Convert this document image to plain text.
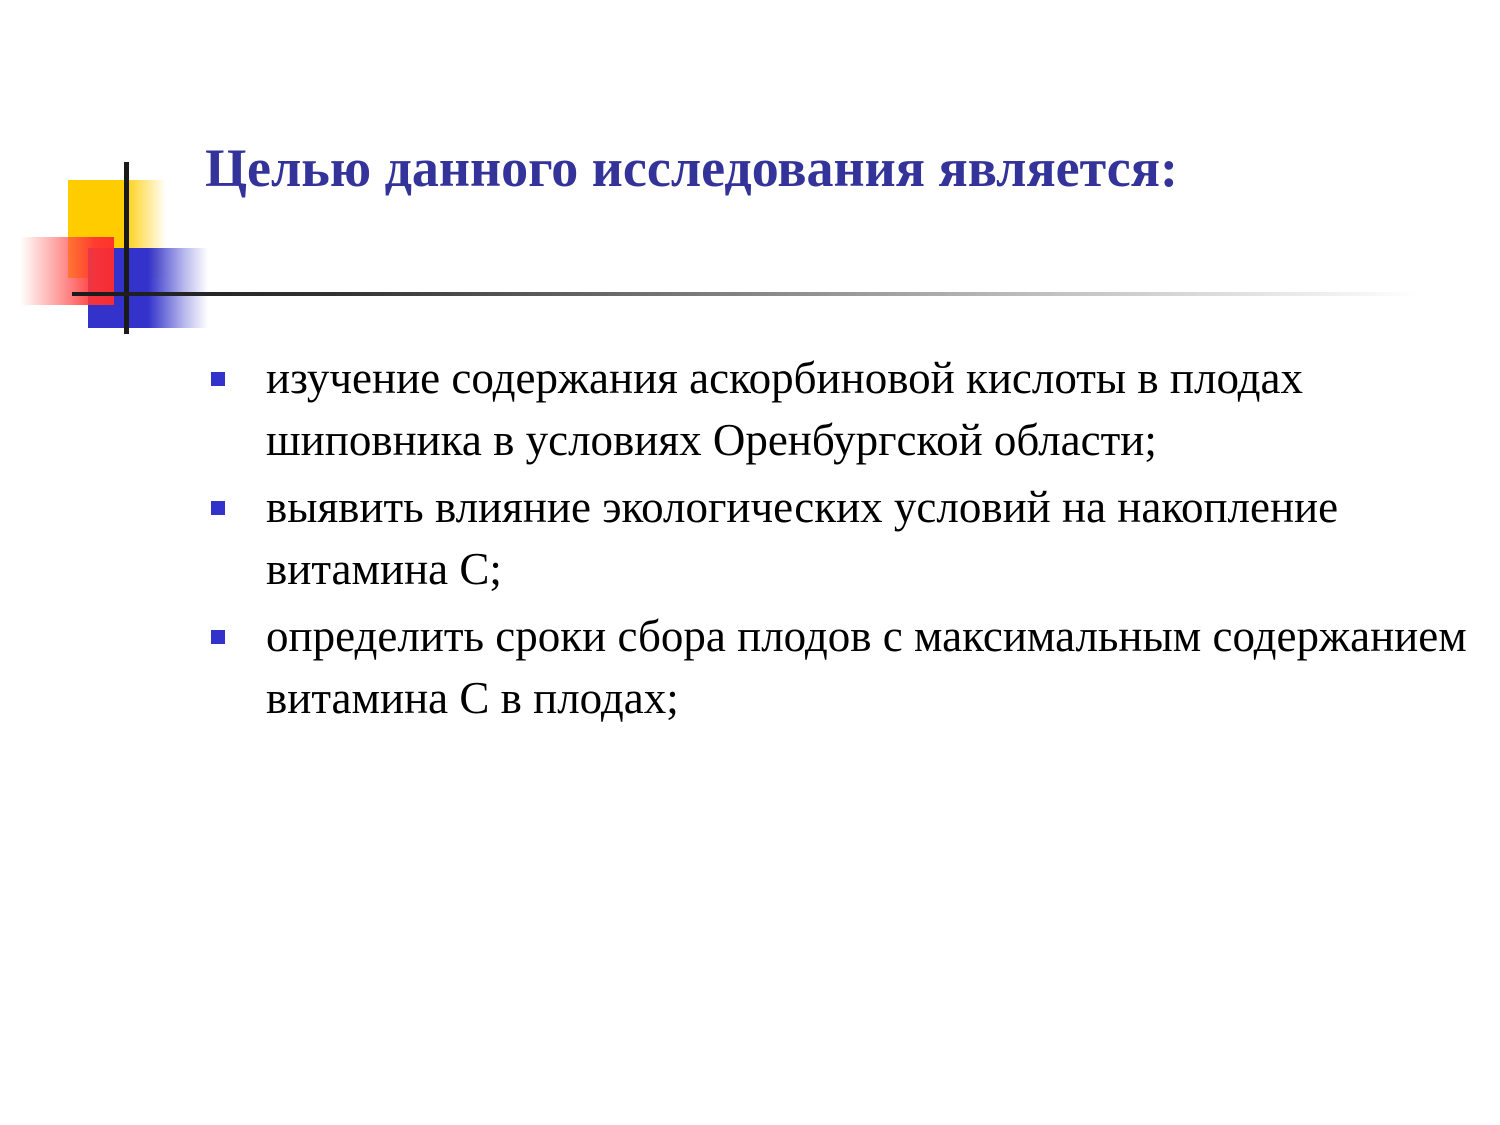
Целью данного исследования является:
изучение содержания аскорбиновой кислоты в плодах шиповника в условиях Оренбургской области;
выявить влияние экологических условий на накопление витамина С;
определить сроки сбора плодов с максимальным содержанием витамина С в плодах;
